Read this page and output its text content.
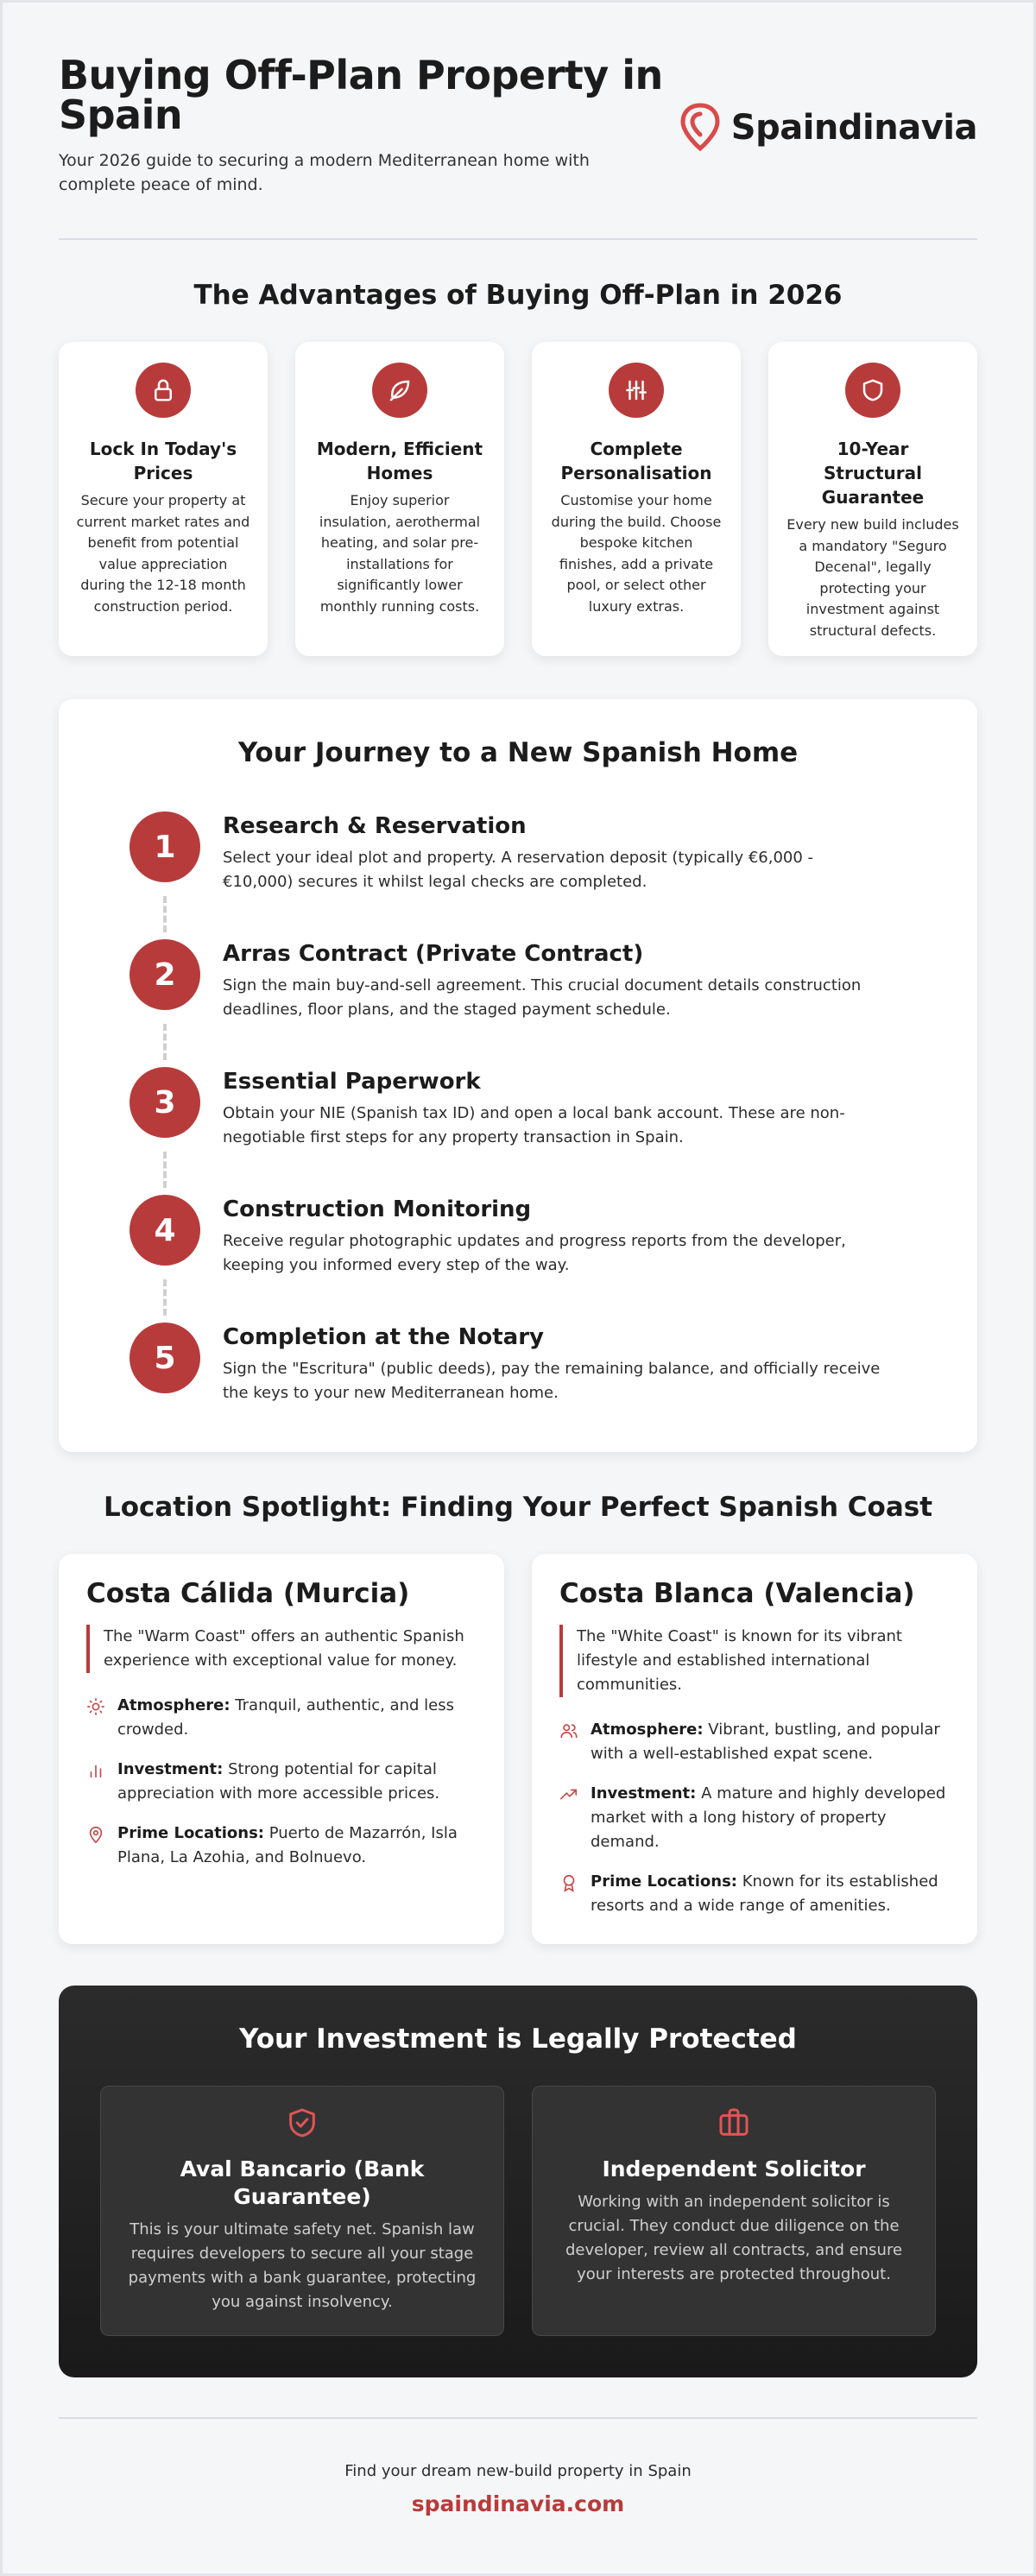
Buying Off-Plan Property in Spain

Your 2026 guide to securing a modern Mediterranean home with complete peace of mind.

Spaindinavia
The Advantages of Buying Off-Plan in 2026
Lock In Today's Prices
Secure your property at current market rates and benefit from potential value appreciation during the 12-18 month construction period.
Modern, Efficient Homes
Enjoy superior insulation, aerothermal heating, and solar pre-installations for significantly lower monthly running costs.
Complete Personalisation
Customise your home during the build. Choose bespoke kitchen finishes, add a private pool, or select other luxury extras.
10-Year Structural Guarantee
Every new build includes a mandatory "Seguro Decenal", legally protecting your investment against structural defects.
Your Journey to a New Spanish Home
1
Research & Reservation
Select your ideal plot and property. A reservation deposit (typically €6,000 - €10,000) secures it whilst legal checks are completed.
2
Arras Contract (Private Contract)
Sign the main buy-and-sell agreement. This crucial document details construction deadlines, floor plans, and the staged payment schedule.
3
Essential Paperwork
Obtain your NIE (Spanish tax ID) and open a local bank account. These are non-negotiable first steps for any property transaction in Spain.
4
Construction Monitoring
Receive regular photographic updates and progress reports from the developer, keeping you informed every step of the way.
5
Completion at the Notary
Sign the "Escritura" (public deeds), pay the remaining balance, and officially receive the keys to your new Mediterranean home.
Location Spotlight: Finding Your Perfect Spanish Coast
Costa Cálida (Murcia)
The "Warm Coast" offers an authentic Spanish experience with exceptional value for money.
Atmosphere: Tranquil, authentic, and less crowded.
Investment: Strong potential for capital appreciation with more accessible prices.
Prime Locations: Puerto de Mazarrón, Isla Plana, La Azohia, and Bolnuevo.
Costa Blanca (Valencia)
The "White Coast" is known for its vibrant lifestyle and established international communities.
Atmosphere: Vibrant, bustling, and popular with a well-established expat scene.
Investment: A mature and highly developed market with a long history of property demand.
Prime Locations: Known for its established resorts and a wide range of amenities.
Your Investment is Legally Protected
Aval Bancario (Bank Guarantee)
This is your ultimate safety net. Spanish law requires developers to secure all your stage payments with a bank guarantee, protecting you against insolvency.
Independent Solicitor
Working with an independent solicitor is crucial. They conduct due diligence on the developer, review all contracts, and ensure your interests are protected throughout.
Find your dream new-build property in Spain
spaindinavia.com
